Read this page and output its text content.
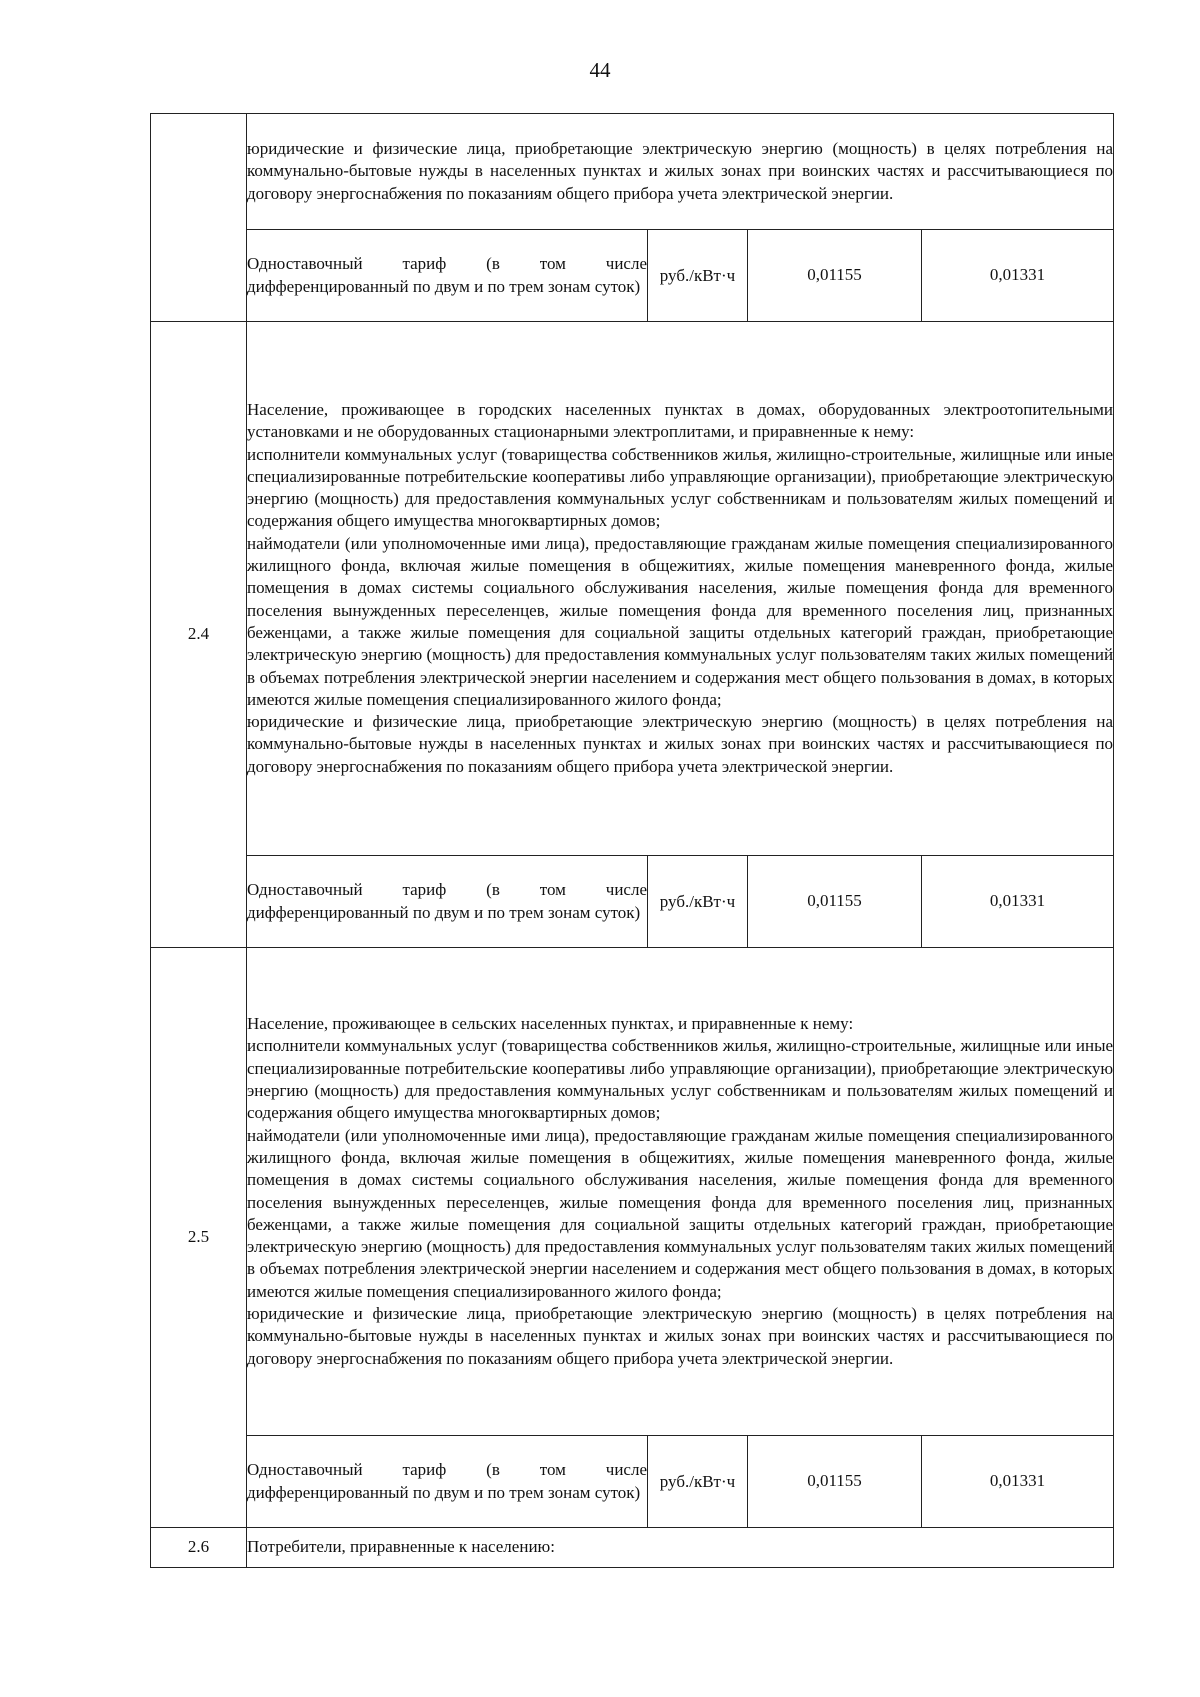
44

	юридические и физические лица, приобретающие электрическую энергию (мощность) в целях потребления на коммунально-бытовые нужды в населенных пунктах и жилых зонах при воинских частях и рассчитывающиеся по договору энергоснабжения по показаниям общего прибора учета электрической энергии.			

	Одноставочный тариф (в том числе дифференцированный по двум и по трем зонам суток)	руб./кВт·ч	0,01155	0,01331
2.4	Население, проживающее в городских населенных пунктах в домах, оборудованных электроотопительными установками и не оборудованных стационарными электроплитами, и приравненные к нему:

исполнители коммунальных услуг (товарищества собственников жилья, жилищно-строительные, жилищные или иные специализированные потребительские кооперативы либо управляющие организации), приобретающие электрическую энергию (мощность) для предоставления коммунальных услуг собственникам и пользователям жилых помещений и содержания общего имущества многоквартирных домов;

наймодатели (или уполномоченные ими лица), предоставляющие гражданам жилые помещения специализированного жилищного фонда, включая жилые помещения в общежитиях, жилые помещения маневренного фонда, жилые помещения в домах системы социального обслуживания населения, жилые помещения фонда для временного поселения вынужденных переселенцев, жилые помещения фонда для временного поселения лиц, признанных беженцами, а также жилые помещения для социальной защиты отдельных категорий граждан, приобретающие электрическую энергию (мощность) для предоставления коммунальных услуг пользователям таких жилых помещений в объемах потребления электрической энергии населением и содержания мест общего пользования в домах, в которых имеются жилые помещения специализированного жилого фонда;

юридические и физические лица, приобретающие электрическую энергию (мощность) в целях потребления на коммунально-бытовые нужды в населенных пунктах и жилых зонах при воинских частях и рассчитывающиеся по договору энергоснабжения по показаниям общего прибора учета электрической энергии.			

	Одноставочный тариф (в том числе дифференцированный по двум и по трем зонам суток)	руб./кВт·ч	0,01155	0,01331
2.5	Население, проживающее в сельских населенных пунктах, и приравненные к нему:

исполнители коммунальных услуг (товарищества собственников жилья, жилищно-строительные, жилищные или иные специализированные потребительские кооперативы либо управляющие организации), приобретающие электрическую энергию (мощность) для предоставления коммунальных услуг собственникам и пользователям жилых помещений и содержания общего имущества многоквартирных домов;

наймодатели (или уполномоченные ими лица), предоставляющие гражданам жилые помещения специализированного жилищного фонда, включая жилые помещения в общежитиях, жилые помещения маневренного фонда, жилые помещения в домах системы социального обслуживания населения, жилые помещения фонда для временного поселения вынужденных переселенцев, жилые помещения фонда для временного поселения лиц, признанных беженцами, а также жилые помещения для социальной защиты отдельных категорий граждан, приобретающие электрическую энергию (мощность) для предоставления коммунальных услуг пользователям таких жилых помещений в объемах потребления электрической энергии населением и содержания мест общего пользования в домах, в которых имеются жилые помещения специализированного жилого фонда;

юридические и физические лица, приобретающие электрическую энергию (мощность) в целях потребления на коммунально-бытовые нужды в населенных пунктах и жилых зонах при воинских частях и рассчитывающиеся по договору энергоснабжения по показаниям общего прибора учета электрической энергии.			

	Одноставочный тариф (в том числе дифференцированный по двум и по трем зонам суток)	руб./кВт·ч	0,01155	0,01331
2.6	Потребители, приравненные к населению:			
